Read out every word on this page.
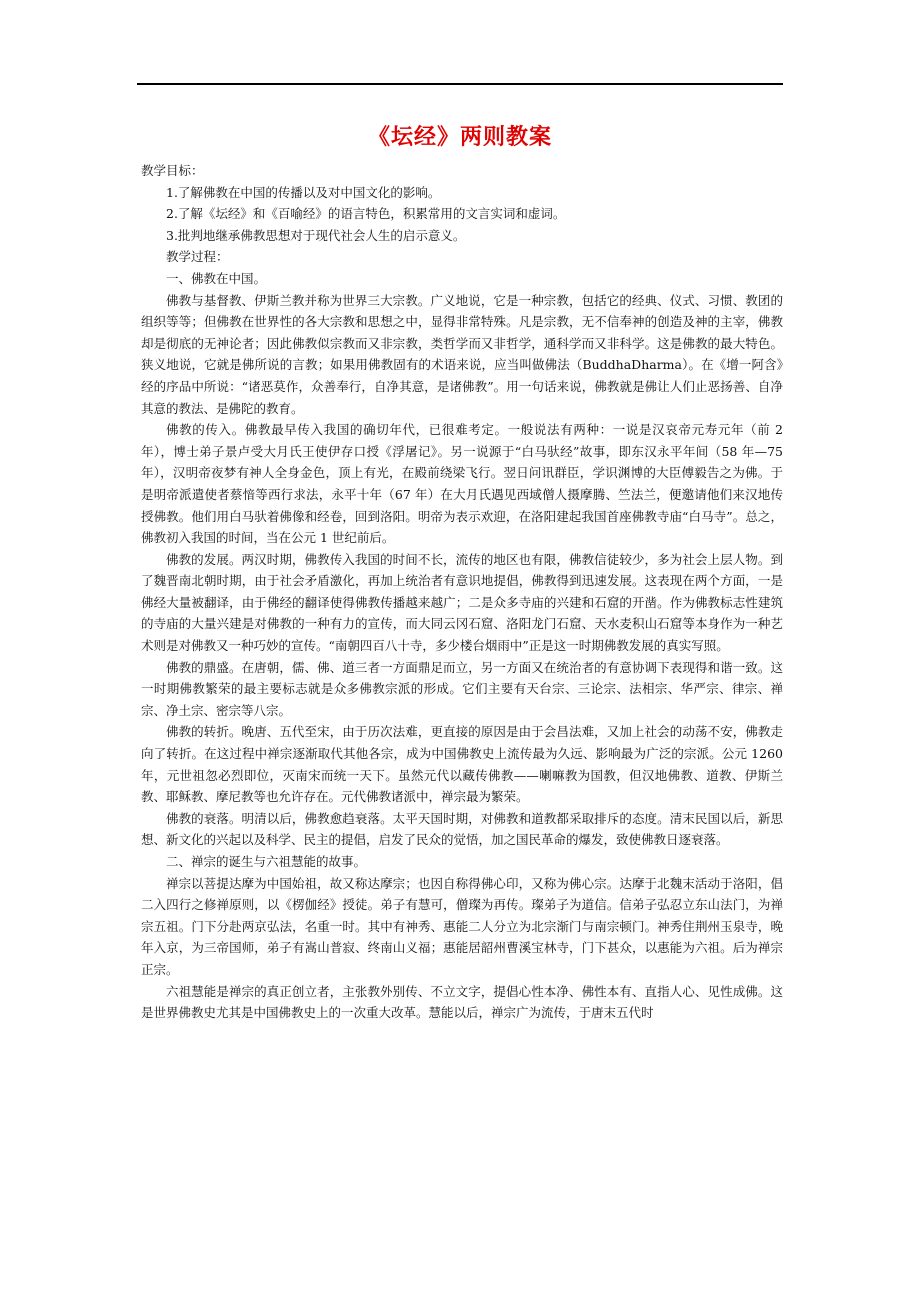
《坛经》两则教案

教学目标：

1.了解佛教在中国的传播以及对中国文化的影响。

2.了解《坛经》和《百喻经》的语言特色，积累常用的文言实词和虚词。

3.批判地继承佛教思想对于现代社会人生的启示意义。

教学过程：

一、佛教在中国。

佛教与基督教、伊斯兰教并称为世界三大宗教。广义地说，它是一种宗教，包括它的经典、仪式、习惯、教团的组织等等；但佛教在世界性的各大宗教和思想之中，显得非常特殊。凡是宗教，无不信奉神的创造及神的主宰，佛教却是彻底的无神论者；因此佛教似宗教而又非宗教，类哲学而又非哲学，通科学而又非科学。这是佛教的最大特色。狭义地说，它就是佛所说的言教；如果用佛教固有的术语来说，应当叫做佛法（BuddhaDharma）。在《增一阿含》经的序品中所说：“诸恶莫作，众善奉行，自净其意，是诸佛教”。用一句话来说，佛教就是佛让人们止恶扬善、自净其意的教法、是佛陀的教育。

佛教的传入。佛教最早传入我国的确切年代，已很难考定。一般说法有两种：一说是汉哀帝元寿元年（前 2 年），博士弟子景卢受大月氏王使伊存口授《浮屠记》。另一说源于“白马驮经”故事，即东汉永平年间（58 年—75 年），汉明帝夜梦有神人全身金色，顶上有光，在殿前绕梁飞行。翌日问讯群臣，学识渊博的大臣傅毅告之为佛。于是明帝派遣使者蔡愔等西行求法，永平十年（67 年）在大月氏遇见西域僧人摄摩腾、竺法兰，便邀请他们来汉地传授佛教。他们用白马驮着佛像和经卷，回到洛阳。明帝为表示欢迎，在洛阳建起我国首座佛教寺庙“白马寺”。总之，佛教初入我国的时间，当在公元 1 世纪前后。

佛教的发展。两汉时期，佛教传入我国的时间不长，流传的地区也有限，佛教信徒较少，多为社会上层人物。到了魏晋南北朝时期，由于社会矛盾激化，再加上统治者有意识地提倡，佛教得到迅速发展。这表现在两个方面，一是佛经大量被翻译，由于佛经的翻译使得佛教传播越来越广；二是众多寺庙的兴建和石窟的开凿。作为佛教标志性建筑的寺庙的大量兴建是对佛教的一种有力的宣传，而大同云冈石窟、洛阳龙门石窟、天水麦积山石窟等本身作为一种艺术则是对佛教又一种巧妙的宣传。“南朝四百八十寺，多少楼台烟雨中”正是这一时期佛教发展的真实写照。

佛教的鼎盛。在唐朝，儒、佛、道三者一方面鼎足而立，另一方面又在统治者的有意协调下表现得和谐一致。这一时期佛教繁荣的最主要标志就是众多佛教宗派的形成。它们主要有天台宗、三论宗、法相宗、华严宗、律宗、禅宗、净土宗、密宗等八宗。

佛教的转折。晚唐、五代至宋，由于历次法难，更直接的原因是由于会昌法难，又加上社会的动荡不安，佛教走向了转折。在这过程中禅宗逐渐取代其他各宗，成为中国佛教史上流传最为久远、影响最为广泛的宗派。公元 1260 年，元世祖忽必烈即位，灭南宋而统一天下。虽然元代以藏传佛教——喇嘛教为国教，但汉地佛教、道教、伊斯兰教、耶稣教、摩尼教等也允许存在。元代佛教诸派中，禅宗最为繁荣。

佛教的衰落。明清以后，佛教愈趋衰落。太平天国时期，对佛教和道教都采取排斥的态度。清末民国以后，新思想、新文化的兴起以及科学、民主的提倡，启发了民众的觉悟，加之国民革命的爆发，致使佛教日逐衰落。

二、禅宗的诞生与六祖慧能的故事。

禅宗以菩提达摩为中国始祖，故又称达摩宗；也因自称得佛心印，又称为佛心宗。达摩于北魏末活动于洛阳，倡二入四行之修禅原则，以《楞伽经》授徒。弟子有慧可，僧璨为再传。璨弟子为道信。信弟子弘忍立东山法门，为禅宗五祖。门下分赴两京弘法，名重一时。其中有神秀、惠能二人分立为北宗渐门与南宗顿门。神秀住荆州玉泉寺，晚年入京，为三帝国师，弟子有嵩山普寂、终南山义福；惠能居韶州曹溪宝林寺，门下甚众，以惠能为六祖。后为禅宗正宗。

六祖慧能是禅宗的真正创立者，主张教外别传、不立文字，提倡心性本净、佛性本有、直指人心、见性成佛。这是世界佛教史尤其是中国佛教史上的一次重大改革。慧能以后，禅宗广为流传，于唐末五代时
